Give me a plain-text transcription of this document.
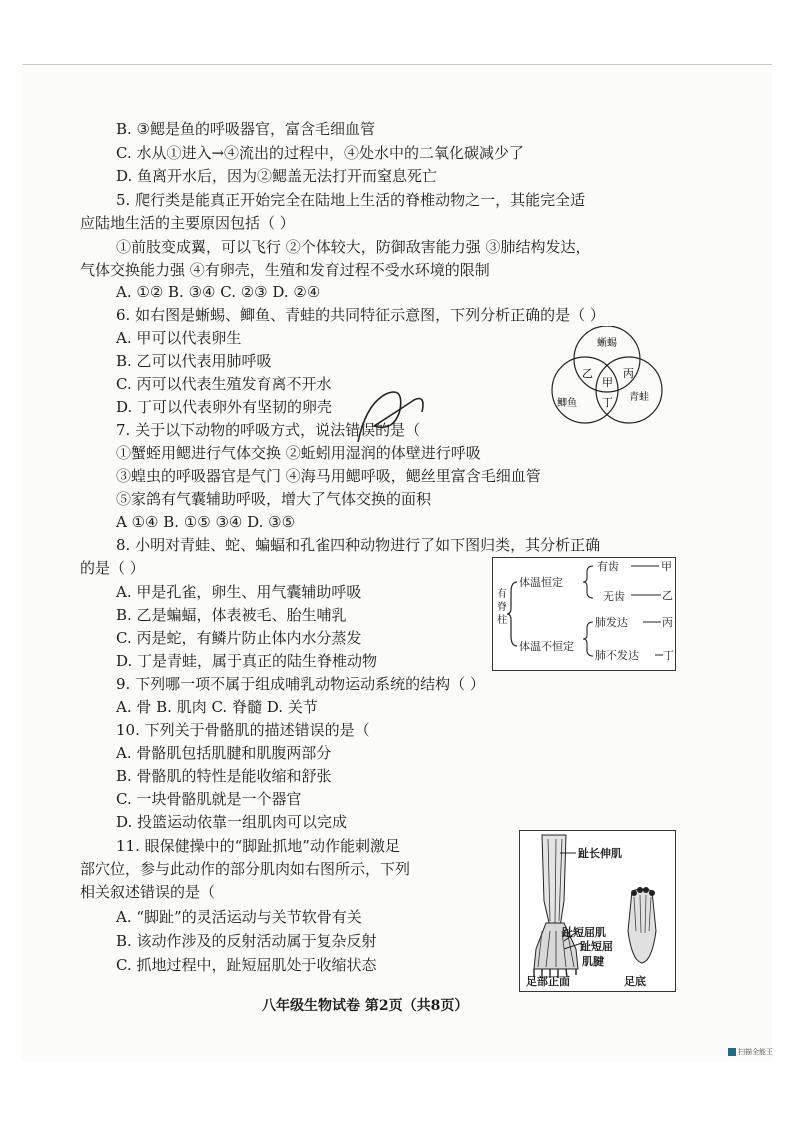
B. ③鳃是鱼的呼吸器官，富含毛细血管
C. 水从①进入→④流出的过程中，④处水中的二氧化碳减少了
D. 鱼离开水后，因为②鳃盖无法打开而窒息死亡
5. 爬行类是能真正开始完全在陆地上生活的脊椎动物之一，其能完全适
应陆地生活的主要原因包括（ ）
①前肢变成翼，可以飞行 ②个体较大，防御敌害能力强 ③肺结构发达，
气体交换能力强 ④有卵壳，生殖和发育过程不受水环境的限制
A. ①② B. ③④ C. ②③ D. ②④
6. 如右图是蜥蜴、鲫鱼、青蛙的共同特征示意图，下列分析正确的是（ ）
A. 甲可以代表卵生
B. 乙可以代表用肺呼吸
C. 丙可以代表生殖发育离不开水
D. 丁可以代表卵外有坚韧的卵壳
7. 关于以下动物的呼吸方式，说法错误的是（
①蟹蛭用鳃进行气体交换 ②蚯蚓用湿润的体壁进行呼吸
③蝗虫的呼吸器官是气门 ④海马用鳃呼吸，鳃丝里富含毛细血管
⑤家鸽有气囊辅助呼吸，增大了气体交换的面积
A ①④ B. ①⑤ ③④ D. ③⑤
8. 小明对青蛙、蛇、蝙蝠和孔雀四种动物进行了如下图归类，其分析正确
的是（ ）
A. 甲是孔雀，卵生、用气囊辅助呼吸
B. 乙是蝙蝠，体表被毛、胎生哺乳
C. 丙是蛇，有鳞片防止体内水分蒸发
D. 丁是青蛙，属于真正的陆生脊椎动物
9. 下列哪一项不属于组成哺乳动物运动系统的结构（ ）
A. 骨 B. 肌肉 C. 脊髓 D. 关节
10. 下列关于骨骼肌的描述错误的是（
A. 骨骼肌包括肌腱和肌腹两部分
B. 骨骼肌的特性是能收缩和舒张
C. 一块骨骼肌就是一个器官
D. 投篮运动依靠一组肌肉可以完成
11. 眼保健操中的“脚趾抓地”动作能刺激足
部穴位，参与此动作的部分肌肉如右图所示，下列
相关叙述错误的是（
A. “脚趾”的灵活运动与关节软骨有关
B. 该动作涉及的反射活动属于复杂反射
C. 抓地过程中，趾短屈肌处于收缩状态
蜥蜴
鲫鱼
青蛙
乙
甲
丙
丁
有脊柱
体温恒定
体温不恒定
有齿
无齿
肺发达
肺不发达
甲
乙
丙
丁
趾长伸肌
趾短屈肌
趾短屈
肌腱
足部正面	足底
八年级生物试卷 第2页（共8页）
扫描全能王
